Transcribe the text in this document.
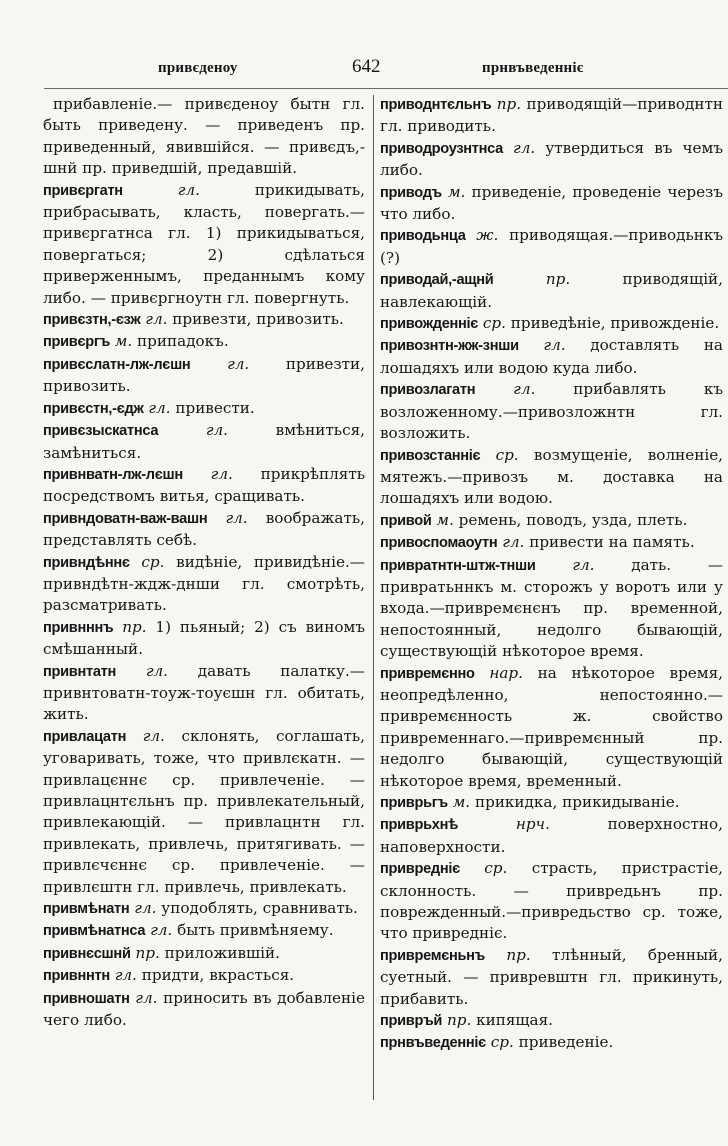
привєденоу	642	прнвъведенніє
прибавленіе.— привєденоу бытн гл. быть приведену. — приведенъ пр. приведенный, явившійся. — привєдъ,-шнй пр. приведшій, предавшій.
привєргатн	гл.	прикидывать, прибрасывать, класть, повергать.—привєргатнса гл. 1) прикидываться, повергаться; 2) сдѣлаться приверженнымъ, преданнымъ кому либо. — привєргноутн гл. повергнуть.
привєзтн,-єзж гл. привезти, привозить.
привєргъ м. припадокъ.
привєслатн-лж-лєшн гл. привезти, привозить.
привєстн,-єдж гл. привести.
привєзыскатнса	гл.	вмѣниться, замѣниться.
привнватн-лж-лєшн гл. прикрѣплять посредствомъ витья, сращивать.
привндоватн-важ-вашн гл. воображать, представлять себѣ.
привндѣннє ср. видѣніе, привидѣніе.—привндѣтн-ждж-днши гл. смотрѣть, разсматривать.
привнннъ пр. 1) пьяный; 2) съ виномъ смѣшанный.
привнтатн гл. давать палатку.—привнтоватн-тоуж-тоуєшн гл. обитать, жить.
привлацатн гл. склонять, соглашать, уговаривать, тоже, что привлєкатн. —привлацєннє ср. привлеченіе. — привлацнтєльнъ пр. привлекательный, привлекающій. — привлацнтн гл. привлекать, привлечь, притягивать. — привлєчєннє ср. привлеченіе. — привлєштн гл. привлечь, привлекать.
привмѣнатн гл. уподоблять, сравнивать.
привмѣнатнса гл. быть привмѣняему.
привнєсшнй пр. приложившій.
привннтн гл. придти, вкрасться.
привношатн гл. приносить въ добавленіе чего либо.
приводнтєльнъ пр. приводящій—приводнтн гл. приводить.
приводроузнтнса гл. утвердиться въ чемъ либо.
приводъ м. приведеніе, проведеніе черезъ что либо.
приводьнца ж. приводящая.—приводьнкъ (?)
приводай,-ащнй	пр.	приводящій, навлекающій.
привожденніє ср. приведѣніе, привожденіе.
привознтн-жж-знши гл. доставлять на лошадяхъ или водою куда либо.
привозлагатн гл. прибавлять къ возложенному.—привозложнтн гл. возложить.
привозстанніє ср. возмущеніе, волненіе, мятежъ.—привозъ м. доставка на лошадяхъ или водою.
привой м. ремень, поводъ, узда, плеть.
привоспомаоутн гл. привести на память.
привратнтн-штж-тнши гл. дать. — привратьннкъ м. сторожъ у воротъ или у входа.—привремєнєнъ пр. временной, непостоянный, недолго бывающій, существующій нѣкоторое время.
привремєнно нар. на нѣкоторое время, неопредѣленно, непостоянно.— привремєнность ж. свойство привременнаго.—привремєнный пр. недолго бывающій, существующій нѣкоторое время, временный.
приврьгъ м. прикидка, прикидываніе.
приврьхнѣ	нрч.	поверхностно, наповерхности.
привредніє ср. страсть, пристрастіе, склонность. — привредьнъ пр. поврежденный.—привредьство ср. тоже, что привредніє.
привремєньнъ пр. тлѣнный, бренный, суетный. — привревштн гл. прикинуть, прибавить.
привръй пр. кипящая.
прнвъведенніє ср. приведеніе.
